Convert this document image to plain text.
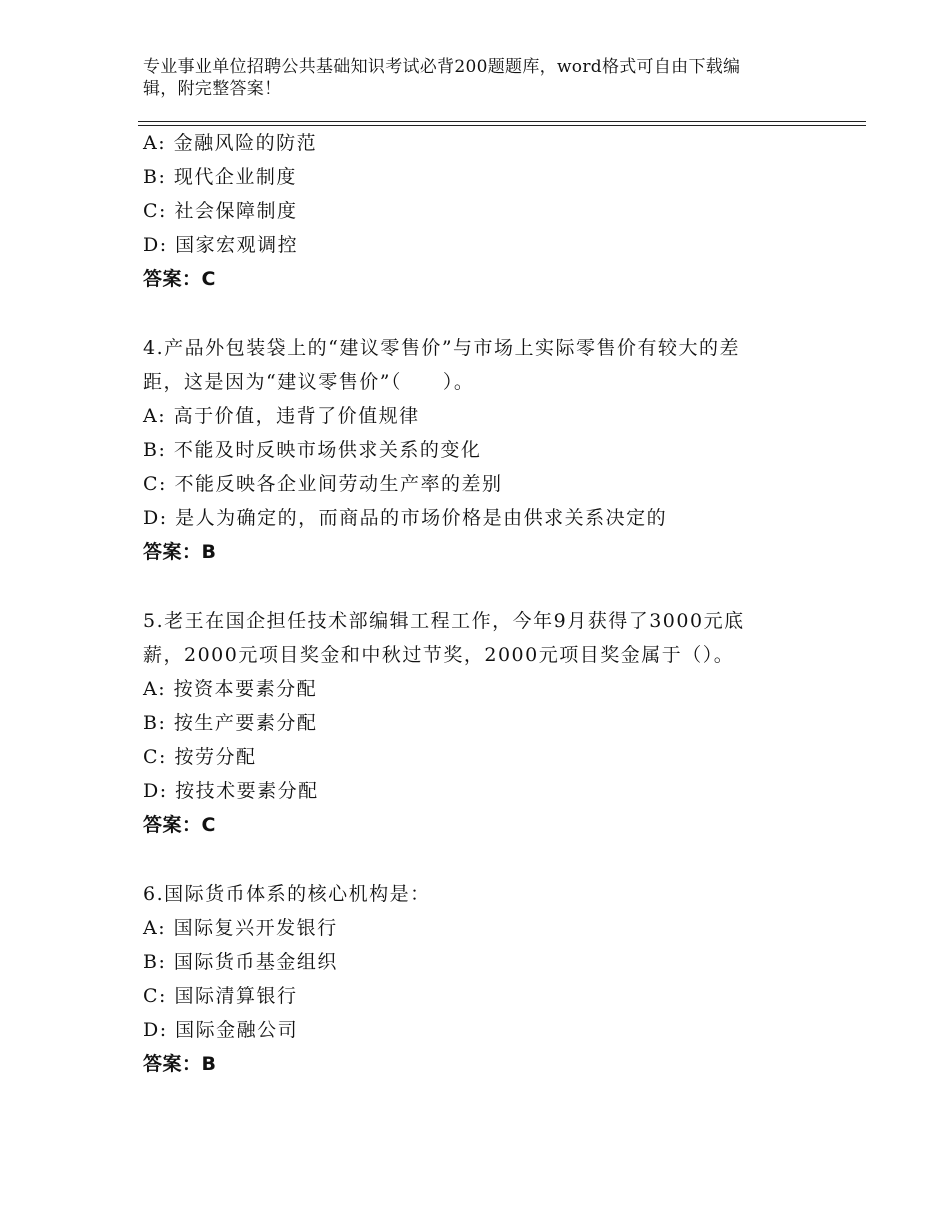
专业事业单位招聘公共基础知识考试必背200题题库，word格式可自由下载编
辑，附完整答案！
A: 金融风险的防范
B: 现代企业制度
C: 社会保障制度
D: 国家宏观调控
答案：C
4.产品外包装袋上的“建议零售价”与市场上实际零售价有较大的差
距，这是因为“建议零售价”（　　）。
A: 高于价值，违背了价值规律
B: 不能及时反映市场供求关系的变化
C: 不能反映各企业间劳动生产率的差别
D: 是人为确定的，而商品的市场价格是由供求关系决定的
答案：B
5.老王在国企担任技术部编辑工程工作，今年9月获得了3000元底
薪，2000元项目奖金和中秋过节奖，2000元项目奖金属于（）。
A: 按资本要素分配
B: 按生产要素分配
C: 按劳分配
D: 按技术要素分配
答案：C
6.国际货币体系的核心机构是：
A: 国际复兴开发银行
B: 国际货币基金组织
C: 国际清算银行
D: 国际金融公司
答案：B
